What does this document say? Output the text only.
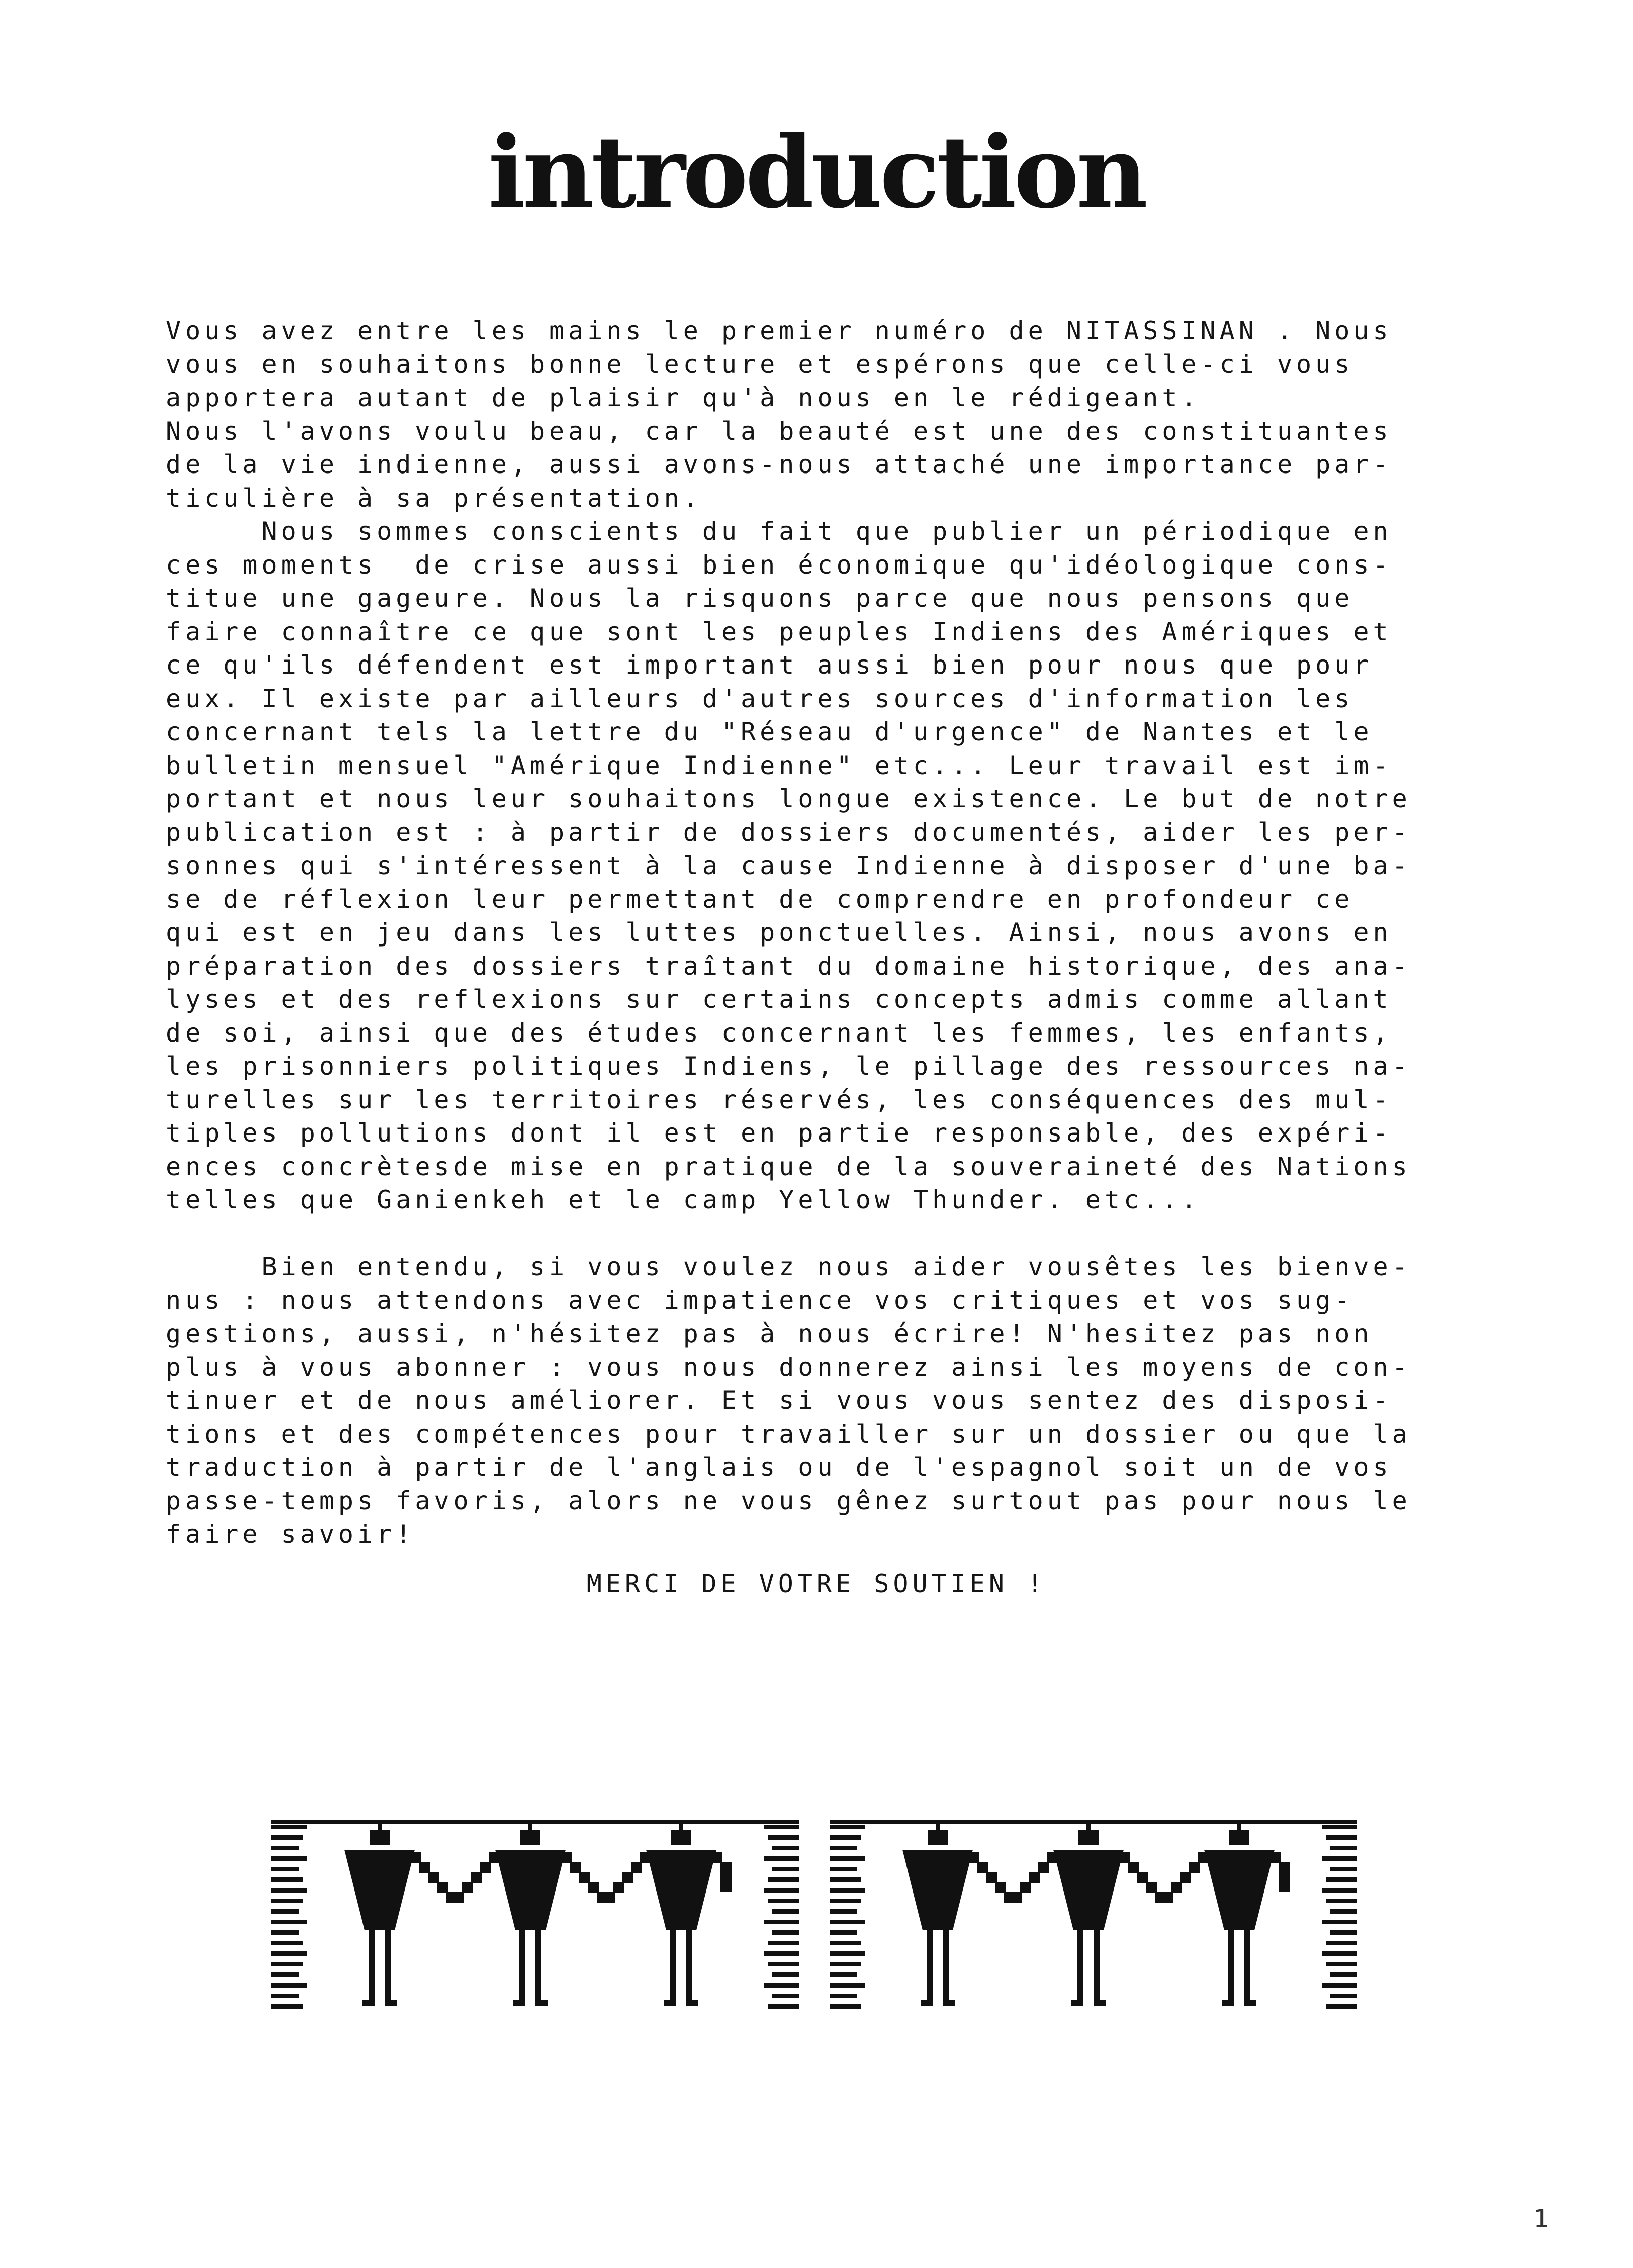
introduction
Vous avez entre les mains le premier numéro de NITASSINAN . Nous
vous en souhaitons bonne lecture et espérons que celle-ci vous
apportera autant de plaisir qu'à nous en le rédigeant.
Nous l'avons voulu beau, car la beauté est une des constituantes
de la vie indienne, aussi avons-nous attaché une importance par-
ticulière à sa présentation.
Nous sommes conscients du fait que publier un périodique en
ces moments  de crise aussi bien économique qu'idéologique cons-
titue une gageure. Nous la risquons parce que nous pensons que
faire connaître ce que sont les peuples Indiens des Amériques et
ce qu'ils défendent est important aussi bien pour nous que pour
eux. Il existe par ailleurs d'autres sources d'information les
concernant tels la lettre du "Réseau d'urgence" de Nantes et le
bulletin mensuel "Amérique Indienne" etc... Leur travail est im-
portant et nous leur souhaitons longue existence. Le but de notre
publication est : à partir de dossiers documentés, aider les per-
sonnes qui s'intéressent à la cause Indienne à disposer d'une ba-
se de réflexion leur permettant de comprendre en profondeur ce
qui est en jeu dans les luttes ponctuelles. Ainsi, nous avons en
préparation des dossiers traîtant du domaine historique, des ana-
lyses et des reflexions sur certains concepts admis comme allant
de soi, ainsi que des études concernant les femmes, les enfants,
les prisonniers politiques Indiens, le pillage des ressources na-
turelles sur les territoires réservés, les conséquences des mul-
tiples pollutions dont il est en partie responsable, des expéri-
ences concrètesde mise en pratique de la souveraineté des Nations
telles que Ganienkeh et le camp Yellow Thunder. etc...
Bien entendu, si vous voulez nous aider vousêtes les bienve-
nus : nous attendons avec impatience vos critiques et vos sug-
gestions, aussi, n'hésitez pas à nous écrire! N'hesitez pas non
plus à vous abonner : vous nous donnerez ainsi les moyens de con-
tinuer et de nous améliorer. Et si vous vous sentez des disposi-
tions et des compétences pour travailler sur un dossier ou que la
traduction à partir de l'anglais ou de l'espagnol soit un de vos
passe-temps favoris, alors ne vous gênez surtout pas pour nous le
faire savoir!
MERCI DE VOTRE SOUTIEN !
1
